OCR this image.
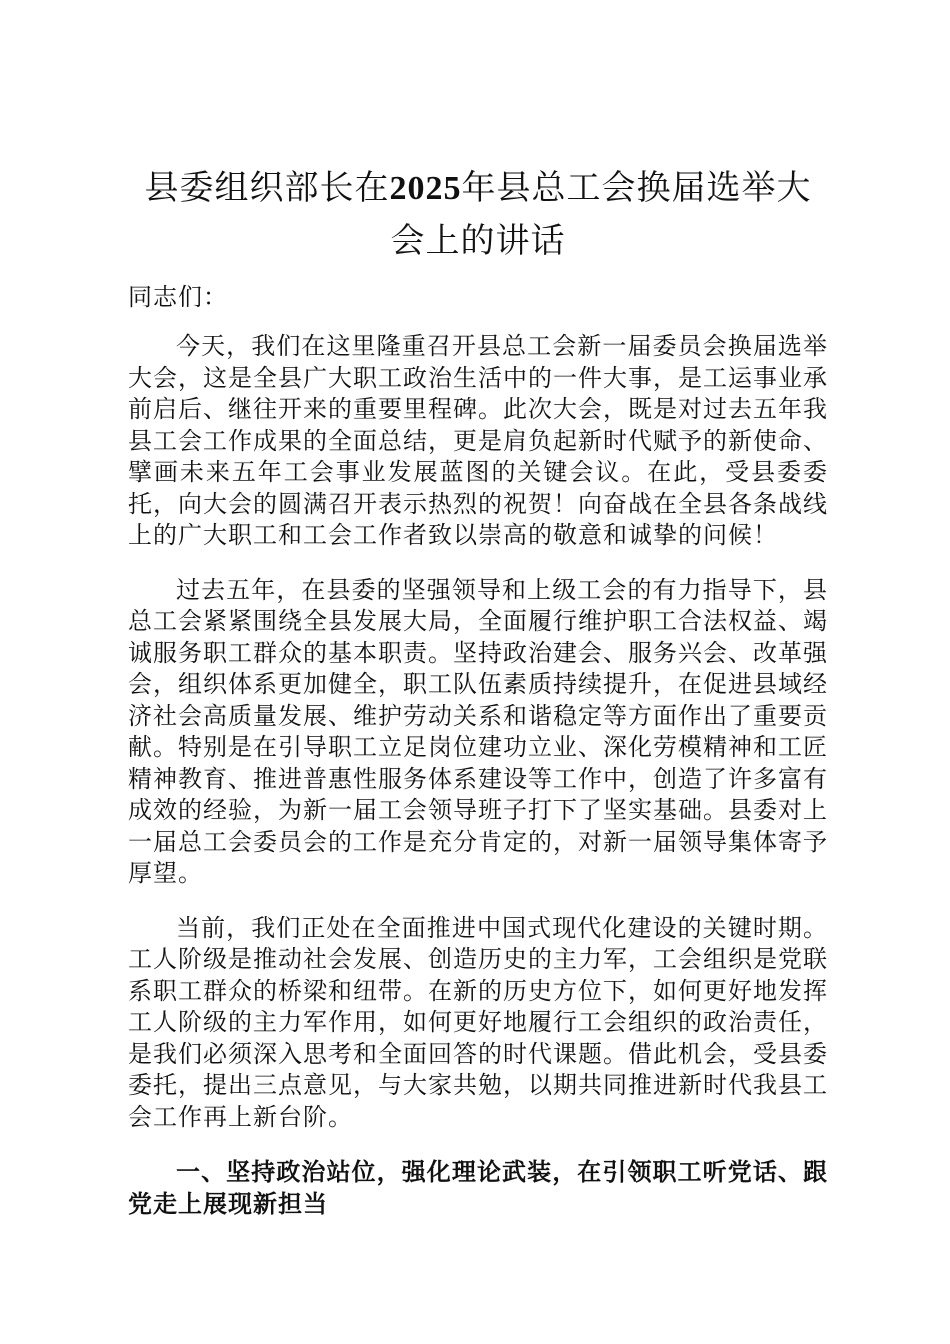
县委组织部长在2025年县总工会换届选举大会上的讲话

同志们：

今天，我们在这里隆重召开县总工会新一届委员会换届选举大会，这是全县广大职工政治生活中的一件大事，是工运事业承前启后、继往开来的重要里程碑。此次大会，既是对过去五年我县工会工作成果的全面总结，更是肩负起新时代赋予的新使命、擘画未来五年工会事业发展蓝图的关键会议。在此，受县委委托，向大会的圆满召开表示热烈的祝贺！向奋战在全县各条战线上的广大职工和工会工作者致以崇高的敬意和诚挚的问候！

过去五年，在县委的坚强领导和上级工会的有力指导下，县总工会紧紧围绕全县发展大局，全面履行维护职工合法权益、竭诚服务职工群众的基本职责。坚持政治建会、服务兴会、改革强会，组织体系更加健全，职工队伍素质持续提升，在促进县域经济社会高质量发展、维护劳动关系和谐稳定等方面作出了重要贡献。特别是在引导职工立足岗位建功立业、深化劳模精神和工匠精神教育、推进普惠性服务体系建设等工作中，创造了许多富有成效的经验，为新一届工会领导班子打下了坚实基础。县委对上一届总工会委员会的工作是充分肯定的，对新一届领导集体寄予厚望。

当前，我们正处在全面推进中国式现代化建设的关键时期。工人阶级是推动社会发展、创造历史的主力军，工会组织是党联系职工群众的桥梁和纽带。在新的历史方位下，如何更好地发挥工人阶级的主力军作用，如何更好地履行工会组织的政治责任，是我们必须深入思考和全面回答的时代课题。借此机会，受县委委托，提出三点意见，与大家共勉，以期共同推进新时代我县工会工作再上新台阶。

一、坚持政治站位，强化理论武装，在引领职工听党话、跟党走上展现新担当
